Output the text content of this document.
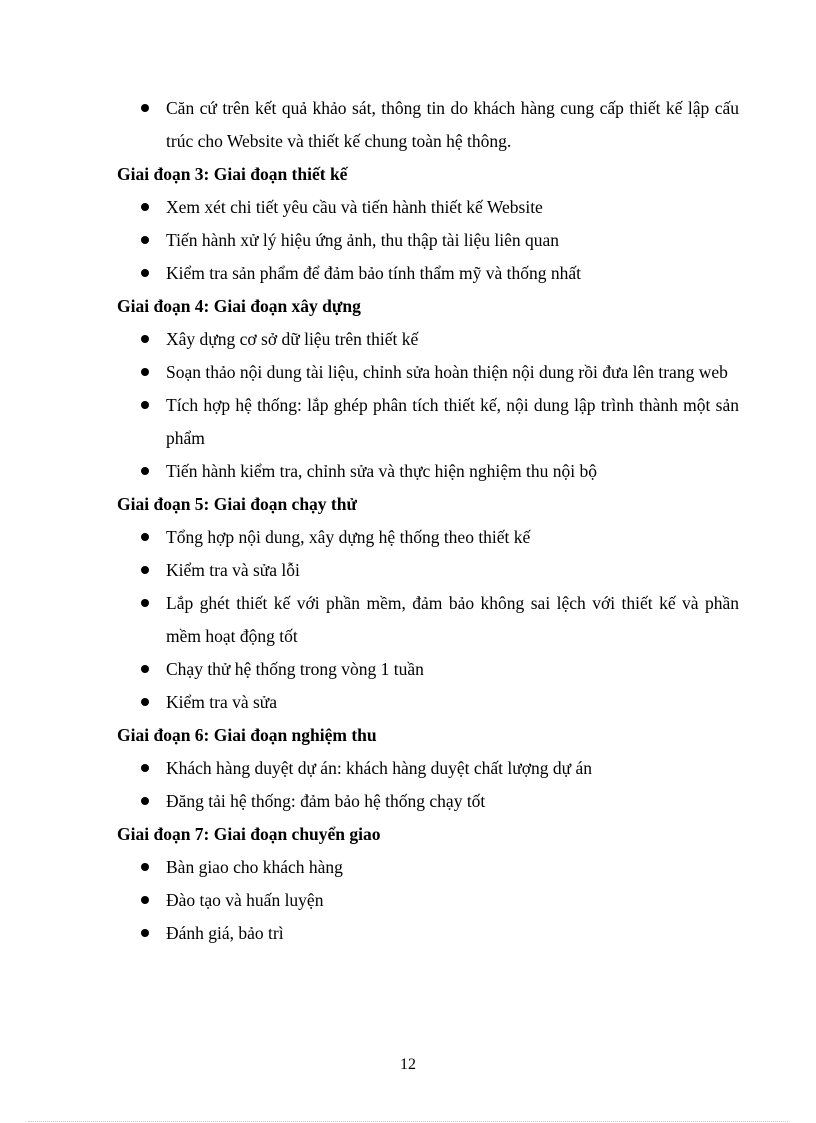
Căn cứ trên kết quả khảo sát, thông tin do khách hàng cung cấp thiết kế lập cấu trúc cho Website và thiết kế chung toàn hệ thông.
Giai đoạn 3: Giai đoạn thiết kế
Xem xét chi tiết yêu cầu và tiến hành thiết kế Website
Tiến hành xử lý hiệu ứng ảnh, thu thập tài liệu liên quan
Kiểm tra sản phẩm để đảm bảo tính thẩm mỹ và thống nhất
Giai đoạn 4: Giai đoạn xây dựng
Xây dựng cơ sở dữ liệu trên thiết kế
Soạn thảo nội dung tài liệu, chỉnh sửa hoàn thiện nội dung rồi đưa lên trang web
Tích hợp hệ thống: lắp ghép phân tích thiết kế, nội dung lập trình thành một sản phẩm
Tiến hành kiểm tra, chỉnh sửa và thực hiện nghiệm thu nội bộ
Giai đoạn 5: Giai đoạn chạy thử
Tổng hợp nội dung, xây dựng hệ thống theo thiết kế
Kiểm tra và sửa lỗi
Lắp ghét thiết kế với phần mềm, đảm bảo không sai lệch với thiết kế và phần mềm hoạt động tốt
Chạy thử hệ thống trong vòng 1 tuần
Kiểm tra và sửa
Giai đoạn 6: Giai đoạn nghiệm thu
Khách hàng duyệt dự án: khách hàng duyệt chất lượng dự án
Đăng tải hệ thống: đảm bảo hệ thống chạy tốt
Giai đoạn 7: Giai đoạn chuyển giao
Bàn giao cho khách hàng
Đào tạo và huấn luyện
Đánh giá, bảo trì
12
